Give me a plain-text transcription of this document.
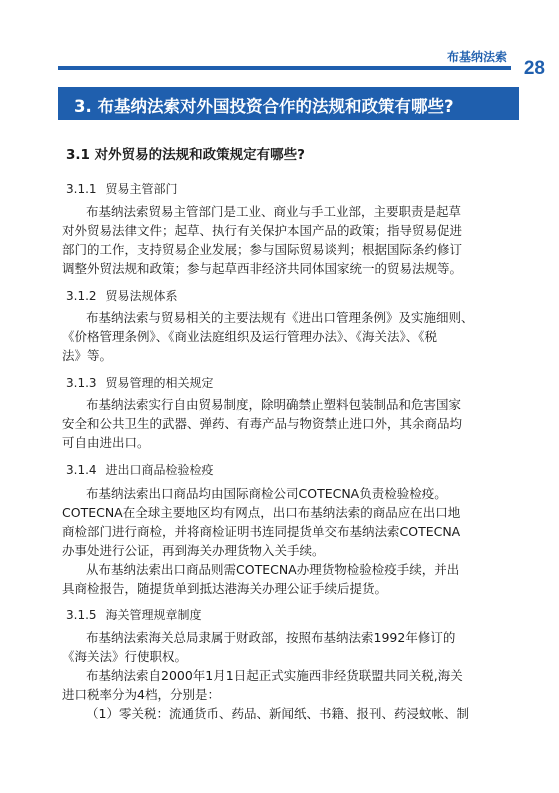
布基纳法索
28
3. 布基纳法索对外国投资合作的法规和政策有哪些?
3.1 对外贸易的法规和政策规定有哪些?
3.1.1 贸易主管部门
布基纳法索贸易主管部门是工业、商业与手工业部，主要职责是起草
对外贸易法律文件；起草、执行有关保护本国产品的政策；指导贸易促进
部门的工作，支持贸易企业发展；参与国际贸易谈判；根据国际条约修订
调整外贸法规和政策；参与起草西非经济共同体国家统一的贸易法规等。
3.1.2 贸易法规体系
布基纳法索与贸易相关的主要法规有《进出口管理条例》及实施细则、
《价格管理条例》、《商业法庭组织及运行管理办法》、《海关法》、《税
法》等。
3.1.3 贸易管理的相关规定
布基纳法索实行自由贸易制度，除明确禁止塑料包装制品和危害国家
安全和公共卫生的武器、弹药、有毒产品与物资禁止进口外，其余商品均
可自由进出口。
3.1.4 进出口商品检验检疫
布基纳法索出口商品均由国际商检公司COTECNA负责检验检疫。
COTECNA在全球主要地区均有网点，出口布基纳法索的商品应在出口地
商检部门进行商检，并将商检证明书连同提货单交布基纳法索COTECNA
办事处进行公证，再到海关办理货物入关手续。
从布基纳法索出口商品则需COTECNA办理货物检验检疫手续，并出
具商检报告，随提货单到抵达港海关办理公证手续后提货。
3.1.5 海关管理规章制度
布基纳法索海关总局隶属于财政部，按照布基纳法索1992年修订的
《海关法》行使职权。
布基纳法索自2000年1月1日起正式实施西非经货联盟共同关税,海关
进口税率分为4档，分别是：
（1）零关税：流通货币、药品、新闻纸、书籍、报刊、药浸蚊帐、制
